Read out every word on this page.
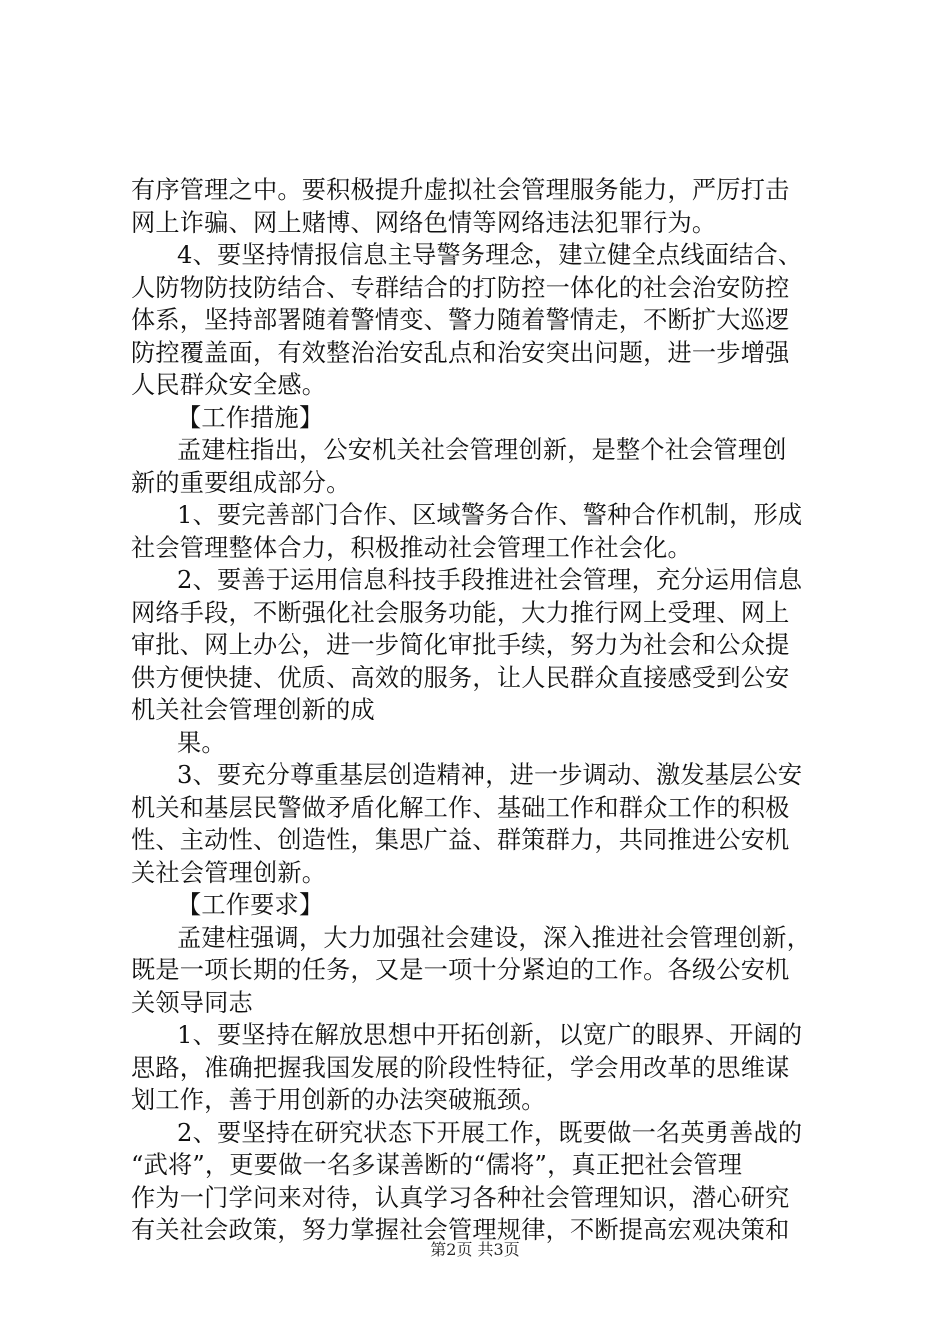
有序管理之中。要积极提升虚拟社会管理服务能力，严厉打击
网上诈骗、网上赌博、网络色情等网络违法犯罪行为。
4、要坚持情报信息主导警务理念，建立健全点线面结合、
人防物防技防结合、专群结合的打防控一体化的社会治安防控
体系，坚持部署随着警情变、警力随着警情走，不断扩大巡逻
防控覆盖面，有效整治治安乱点和治安突出问题，进一步增强
人民群众安全感。
【工作措施】
孟建柱指出，公安机关社会管理创新，是整个社会管理创
新的重要组成部分。
1、要完善部门合作、区域警务合作、警种合作机制，形成
社会管理整体合力，积极推动社会管理工作社会化。
2、要善于运用信息科技手段推进社会管理，充分运用信息
网络手段，不断强化社会服务功能，大力推行网上受理、网上
审批、网上办公，进一步简化审批手续，努力为社会和公众提
供方便快捷、优质、高效的服务，让人民群众直接感受到公安
机关社会管理创新的成
果。
3、要充分尊重基层创造精神，进一步调动、激发基层公安
机关和基层民警做矛盾化解工作、基础工作和群众工作的积极
性、主动性、创造性，集思广益、群策群力，共同推进公安机
关社会管理创新。
【工作要求】
孟建柱强调，大力加强社会建设，深入推进社会管理创新，
既是一项长期的任务，又是一项十分紧迫的工作。各级公安机
关领导同志
1、要坚持在解放思想中开拓创新，以宽广的眼界、开阔的
思路，准确把握我国发展的阶段性特征，学会用改革的思维谋
划工作，善于用创新的办法突破瓶颈。
2、要坚持在研究状态下开展工作，既要做一名英勇善战的
“武将”，更要做一名多谋善断的“儒将”，真正把社会管理
作为一门学问来对待，认真学习各种社会管理知识，潜心研究
有关社会政策，努力掌握社会管理规律，不断提高宏观决策和
第2页 共3页
